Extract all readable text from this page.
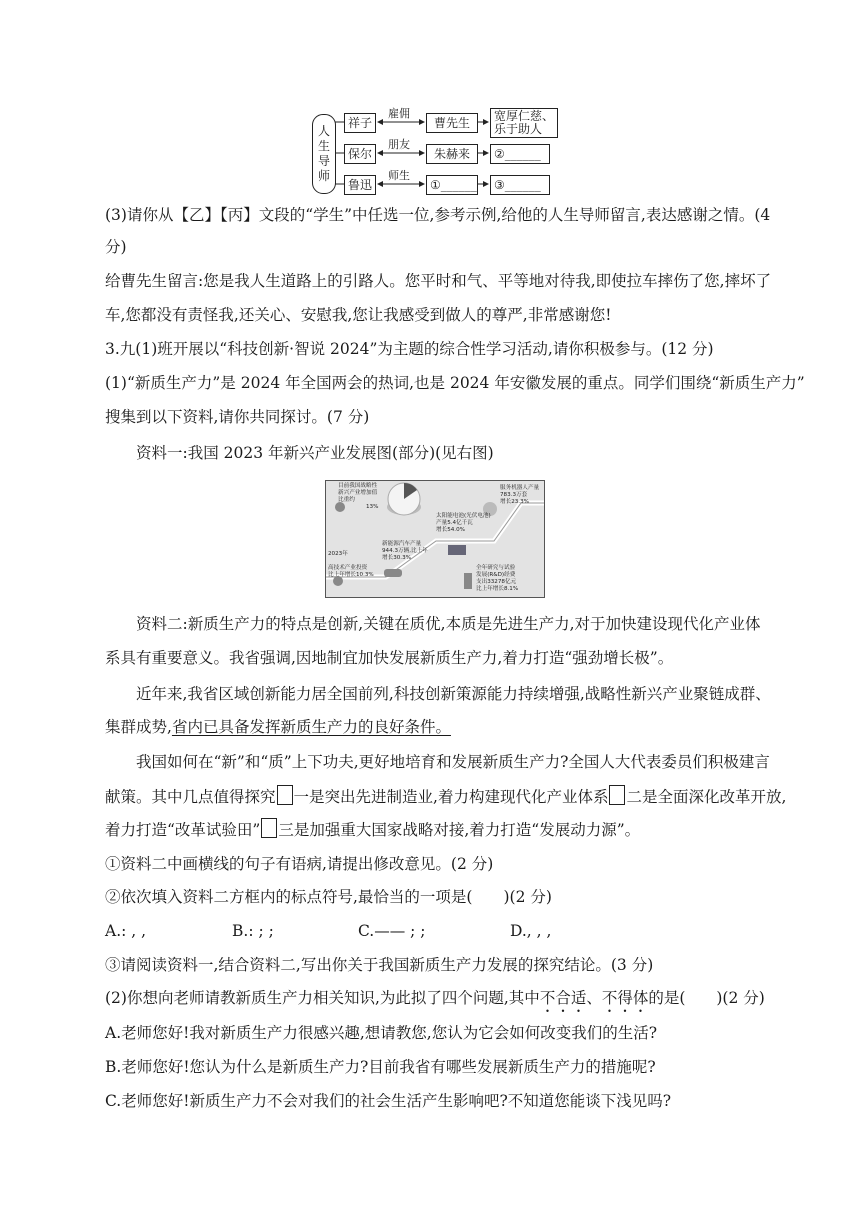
人
生
导
师
祥子
雇佣
曹先生	宽厚仁慈、
乐于助人
保尔
朋友
朱赫来	②______
鲁迅
师生
①______	③______
(3)请你从【乙】【丙】文段的“学生”中任选一位,参考示例,给他的人生导师留言,表达感谢之情。(4
分)
给曹先生留言:您是我人生道路上的引路人。您平时和气、平等地对待我,即使拉车摔伤了您,摔坏了
车,您都没有责怪我,还关心、安慰我,您让我感受到做人的尊严,非常感谢您!
3.九(1)班开展以“科技创新·智说 2024”为主题的综合性学习活动,请你积极参与。(12 分)
(1)“新质生产力”是 2024 年全国两会的热词,也是 2024 年安徽发展的重点。同学们围绕“新质生产力”
搜集到以下资料,请你共同探讨。(7 分)
资料一:我国 2023 年新兴产业发展图(部分)(见右图)
目前我国战略性
新兴产业增加值
比重约
13%
服务机器人产量
783.3万套
增长23.3%
太阳能电池(光伏电池)
产量5.4亿千瓦
增长54.0%
新能源汽车产量
944.3万辆,比上年
增长30.3%
2023年
高技术产业投资
比上年增长10.3%
全年研究与试验
发展(R&D)经费
支出33278亿元
比上年增长8.1%
资料二:新质生产力的特点是创新,关键在质优,本质是先进生产力,对于加快建设现代化产业体
系具有重要意义。我省强调,因地制宜加快发展新质生产力,着力打造“强劲增长极”。
近年来,我省区域创新能力居全国前列,科技创新策源能力持续增强,战略性新兴产业聚链成群、
集群成势,省内已具备发挥新质生产力的良好条件。
我国如何在“新”和“质”上下功夫,更好地培育和发展新质生产力?全国人大代表委员们积极建言
献策。其中几点值得探究 一是突出先进制造业,着力构建现代化产业体系 二是全面深化改革开放,
着力打造“改革试验田” 三是加强重大国家战略对接,着力打造“发展动力源”。
①资料二中画横线的句子有语病,请提出修改意见。(2 分)
②依次填入资料二方框内的标点符号,最恰当的一项是(　　)(2 分)
A.: , ,	B.: ; ;	C.—— ; ;	D., , ,
③请阅读资料一,结合资料二,写出你关于我国新质生产力发展的探究结论。(3 分)
(2)你想向老师请教新质生产力相关知识,为此拟了四个问题,其中不合适、不得体的是(　　)(2 分)
A.老师您好!我对新质生产力很感兴趣,想请教您,您认为它会如何改变我们的生活?
B.老师您好!您认为什么是新质生产力?目前我省有哪些发展新质生产力的措施呢?
C.老师您好!新质生产力不会对我们的社会生活产生影响吧?不知道您能谈下浅见吗?
